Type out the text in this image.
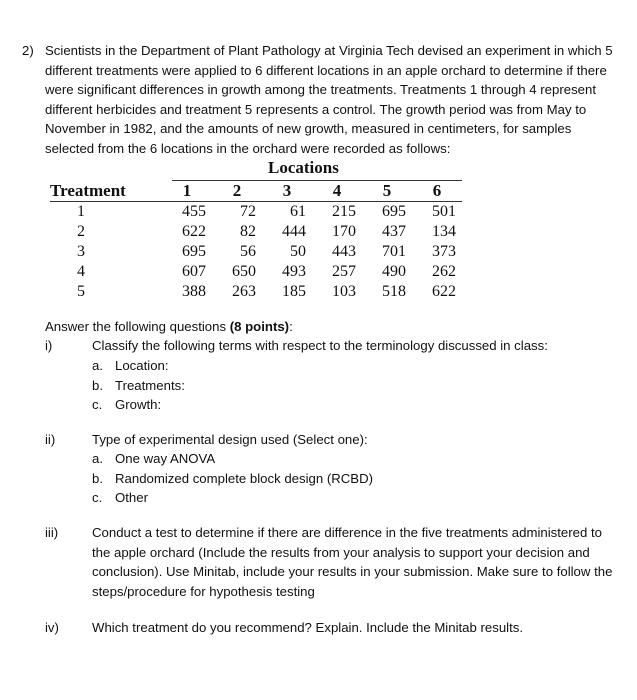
2) Scientists in the Department of Plant Pathology at Virginia Tech devised an experiment in which 5 different treatments were applied to 6 different locations in an apple orchard to determine if there were significant differences in growth among the treatments. Treatments 1 through 4 represent different herbicides and treatment 5 represents a control. The growth period was from May to November in 1982, and the amounts of new growth, measured in centimeters, for samples selected from the 6 locations in the orchard were recorded as follows:
Locations
Treatment	1	2	3	4	5	6
1	455	72	61	215	695	501
2	622	82	444	170	437	134
3	695	56	50	443	701	373
4	607	650	493	257	490	262
5	388	263	185	103	518	622
Answer the following questions (8 points):
i)	Classify the following terms with respect to the terminology discussed in class:
a. Location:
b. Treatments:
c. Growth:
ii)	Type of experimental design used (Select one):
a. One way ANOVA
b. Randomized complete block design (RCBD)
c. Other
iii)	Conduct a test to determine if there are difference in the five treatments administered to the apple orchard (Include the results from your analysis to support your decision and conclusion). Use Minitab, include your results in your submission. Make sure to follow the steps/procedure for hypothesis testing
iv)	Which treatment do you recommend? Explain. Include the Minitab results.
